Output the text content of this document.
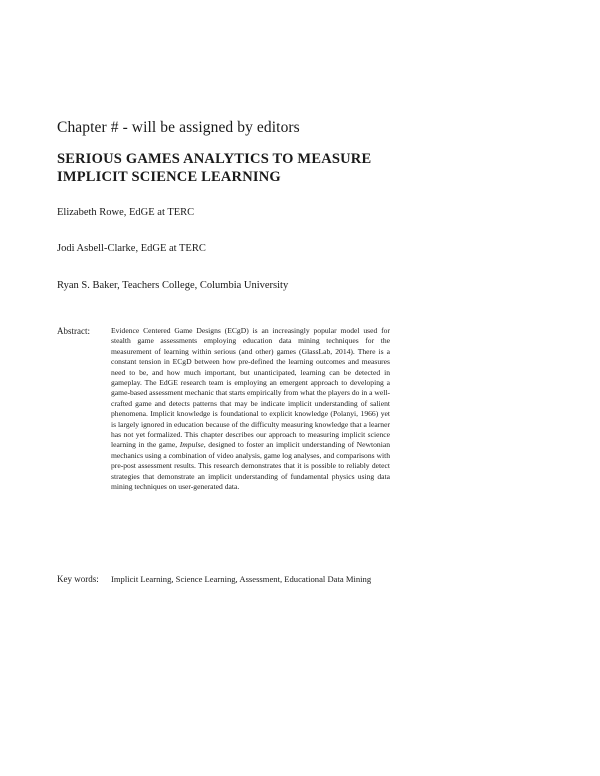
Chapter # - will be assigned by editors
SERIOUS GAMES ANALYTICS TO MEASURE
IMPLICIT SCIENCE LEARNING
Elizabeth Rowe, EdGE at TERC
Jodi Asbell-Clarke, EdGE at TERC
Ryan S. Baker, Teachers College, Columbia University
Abstract:	Evidence Centered Game Designs (ECgD) is an increasingly popular model used for stealth game assessments employing education data mining techniques for the measurement of learning within serious (and other) games (GlassLab, 2014). There is a constant tension in ECgD between how pre-defined the learning outcomes and measures need to be, and how much important, but unanticipated, learning can be detected in gameplay. The EdGE research team is employing an emergent approach to developing a game-based assessment mechanic that starts empirically from what the players do in a well-crafted game and detects patterns that may be indicate implicit understanding of salient phenomena. Implicit knowledge is foundational to explicit knowledge (Polanyi, 1966) yet is largely ignored in education because of the difficulty measuring knowledge that a learner has not yet formalized. This chapter describes our approach to measuring implicit science learning in the game, Impulse, designed to foster an implicit understanding of Newtonian mechanics using a combination of video analysis, game log analyses, and comparisons with pre-post assessment results. This research demonstrates that it is possible to reliably detect strategies that demonstrate an implicit understanding of fundamental physics using data mining techniques on user-generated data.
Key words: Implicit Learning, Science Learning, Assessment, Educational Data Mining
